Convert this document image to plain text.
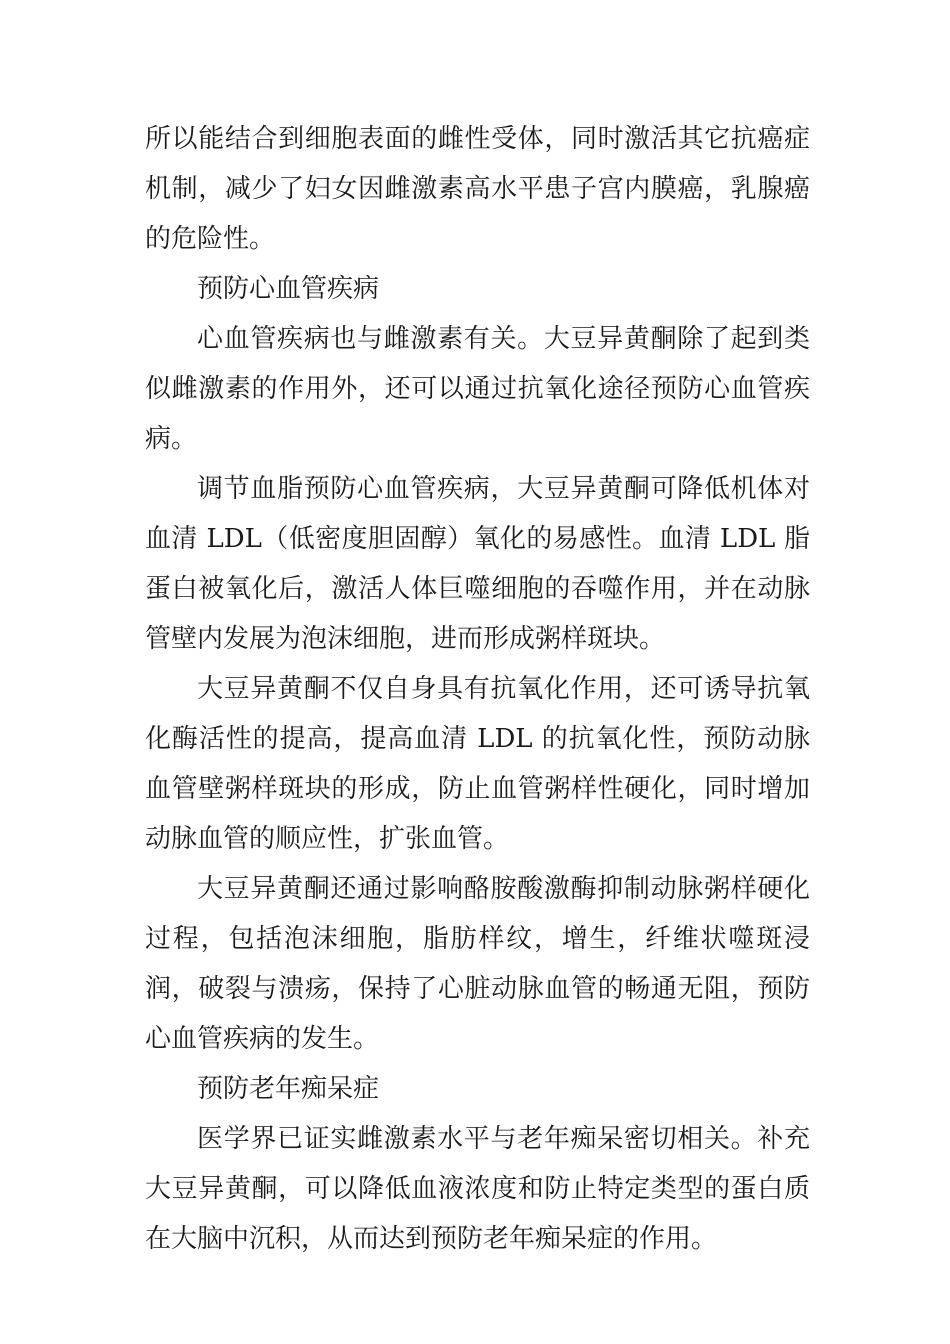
所以能结合到细胞表面的雌性受体，同时激活其它抗癌症机制，减少了妇女因雌激素高水平患子宫内膜癌，乳腺癌的危险性。

预防心血管疾病

心血管疾病也与雌激素有关。大豆异黄酮除了起到类似雌激素的作用外，还可以通过抗氧化途径预防心血管疾病。

调节血脂预防心血管疾病，大豆异黄酮可降低机体对血清 LDL（低密度胆固醇）氧化的易感性。血清 LDL 脂蛋白被氧化后，激活人体巨噬细胞的吞噬作用，并在动脉管壁内发展为泡沫细胞，进而形成粥样斑块。

大豆异黄酮不仅自身具有抗氧化作用，还可诱导抗氧化酶活性的提高，提高血清 LDL 的抗氧化性，预防动脉血管壁粥样斑块的形成，防止血管粥样性硬化，同时增加动脉血管的顺应性，扩张血管。

大豆异黄酮还通过影响酪胺酸激酶抑制动脉粥样硬化过程，包括泡沫细胞，脂肪样纹，增生，纤维状噬斑浸润，破裂与溃疡，保持了心脏动脉血管的畅通无阻，预防心血管疾病的发生。

预防老年痴呆症

医学界已证实雌激素水平与老年痴呆密切相关。补充大豆异黄酮，可以降低血液浓度和防止特定类型的蛋白质在大脑中沉积，从而达到预防老年痴呆症的作用。
